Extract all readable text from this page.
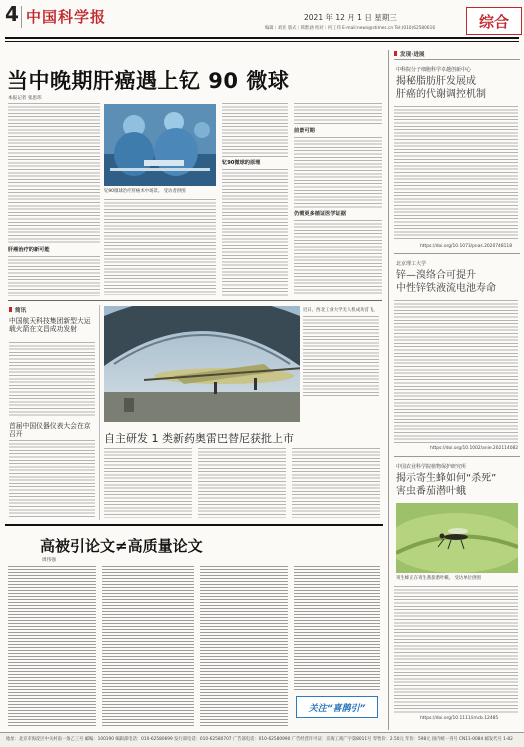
4 中国科学报	2021 年 12 月 1 日 星期三
编辑｜刘亚 版式｜韩默涵 校对｜何工伟 E-mail:news@stimes.cn Tel:(010)62580616	综合
当中晚期肝癌遇上钇 90 微球
本报记者 张思玮
肝癌治疗的新可能
钇90微球治疗肝癌术中场景。 受访者供图
钇90微球的原理
前景可期
仍需更多循证医学证据
简讯
中国航天科技集团新型大运载火箭在文昌成功发射
首届中国仪器仪表大会在京召开
近日，西北工业大学无人机成功首飞。
自主研发 1 类新药奥雷巴替尼获批上市
高被引论文≠高质量论文
周伟强
关注“喜鹊引”
发现·进展
中科院分子细胞科学卓越创新中心
揭秘脂肪肝发展成
肝癌的代谢调控机制
https://doi.org/10.1073/pnas.2020748118
北京理工大学
锌—溴络合可提升
中性锌铁液流电池寿命
https://doi.org/10.1002/anie.202114082
中国农业科学院植物保护研究所
揭示寄生蜂如何“杀死”
害虫番茄潜叶蛾
寄生蜂正在寄生番茄潜叶蛾。 受访单位供图
https://doi.org/10.1111/imcb.12485
地址：北京市海淀区中关村南一条乙三号 邮编：100190 编辑部电话：010-62580699 发行部电话：010-62580707 广告部电话：010-62580990 广告经营许可证：京海工商广字第8011号 零售价：2.50元 年价：598元 国内统一刊号 CN11-0084 邮发代号 1-82
